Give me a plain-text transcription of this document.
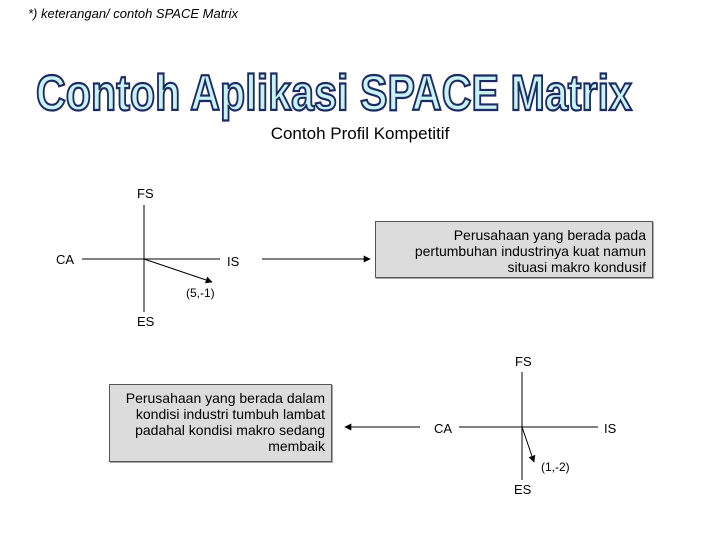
*) keterangan/ contoh SPACE Matrix
Contoh Aplikasi SPACE Matrix
Contoh Profil Kompetitif
FS
CA	IS
(5,-1)
ES
Perusahaan yang berada pada pertumbuhan industrinya kuat namun situasi makro kondusif
FS
CA	IS
(1,-2)
ES
Perusahaan yang berada dalam kondisi industri tumbuh lambat padahal kondisi makro sedang membaik
